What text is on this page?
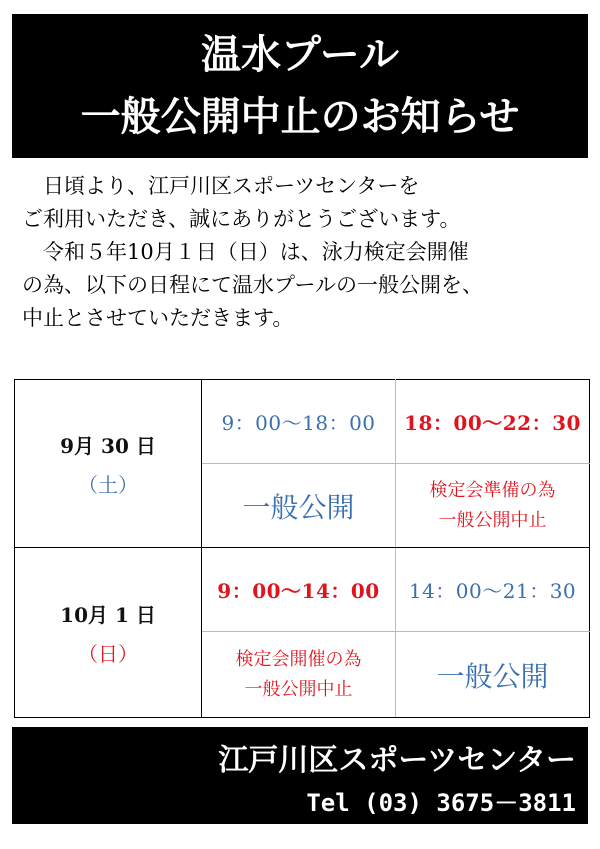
温水プール
一般公開中止のお知らせ

日頃より、江戸川区スポーツセンターを

ご利用いただき、誠にありがとうございます。

令和５年10月１日（日）は、泳力検定会開催

の為、以下の日程にて温水プールの一般公開を、

中止とさせていただきます。

9月 30 日
（土）	9：00〜18：00	18：00〜22：30
	一般公開	検定会準備の為
一般公開中止

10月 1 日
（日）	9：00〜14：00	14：00〜21：30

	検定会開催の為
一般公開中止	一般公開
江戸川区スポーツセンター
Tel (03) 3675－3811
